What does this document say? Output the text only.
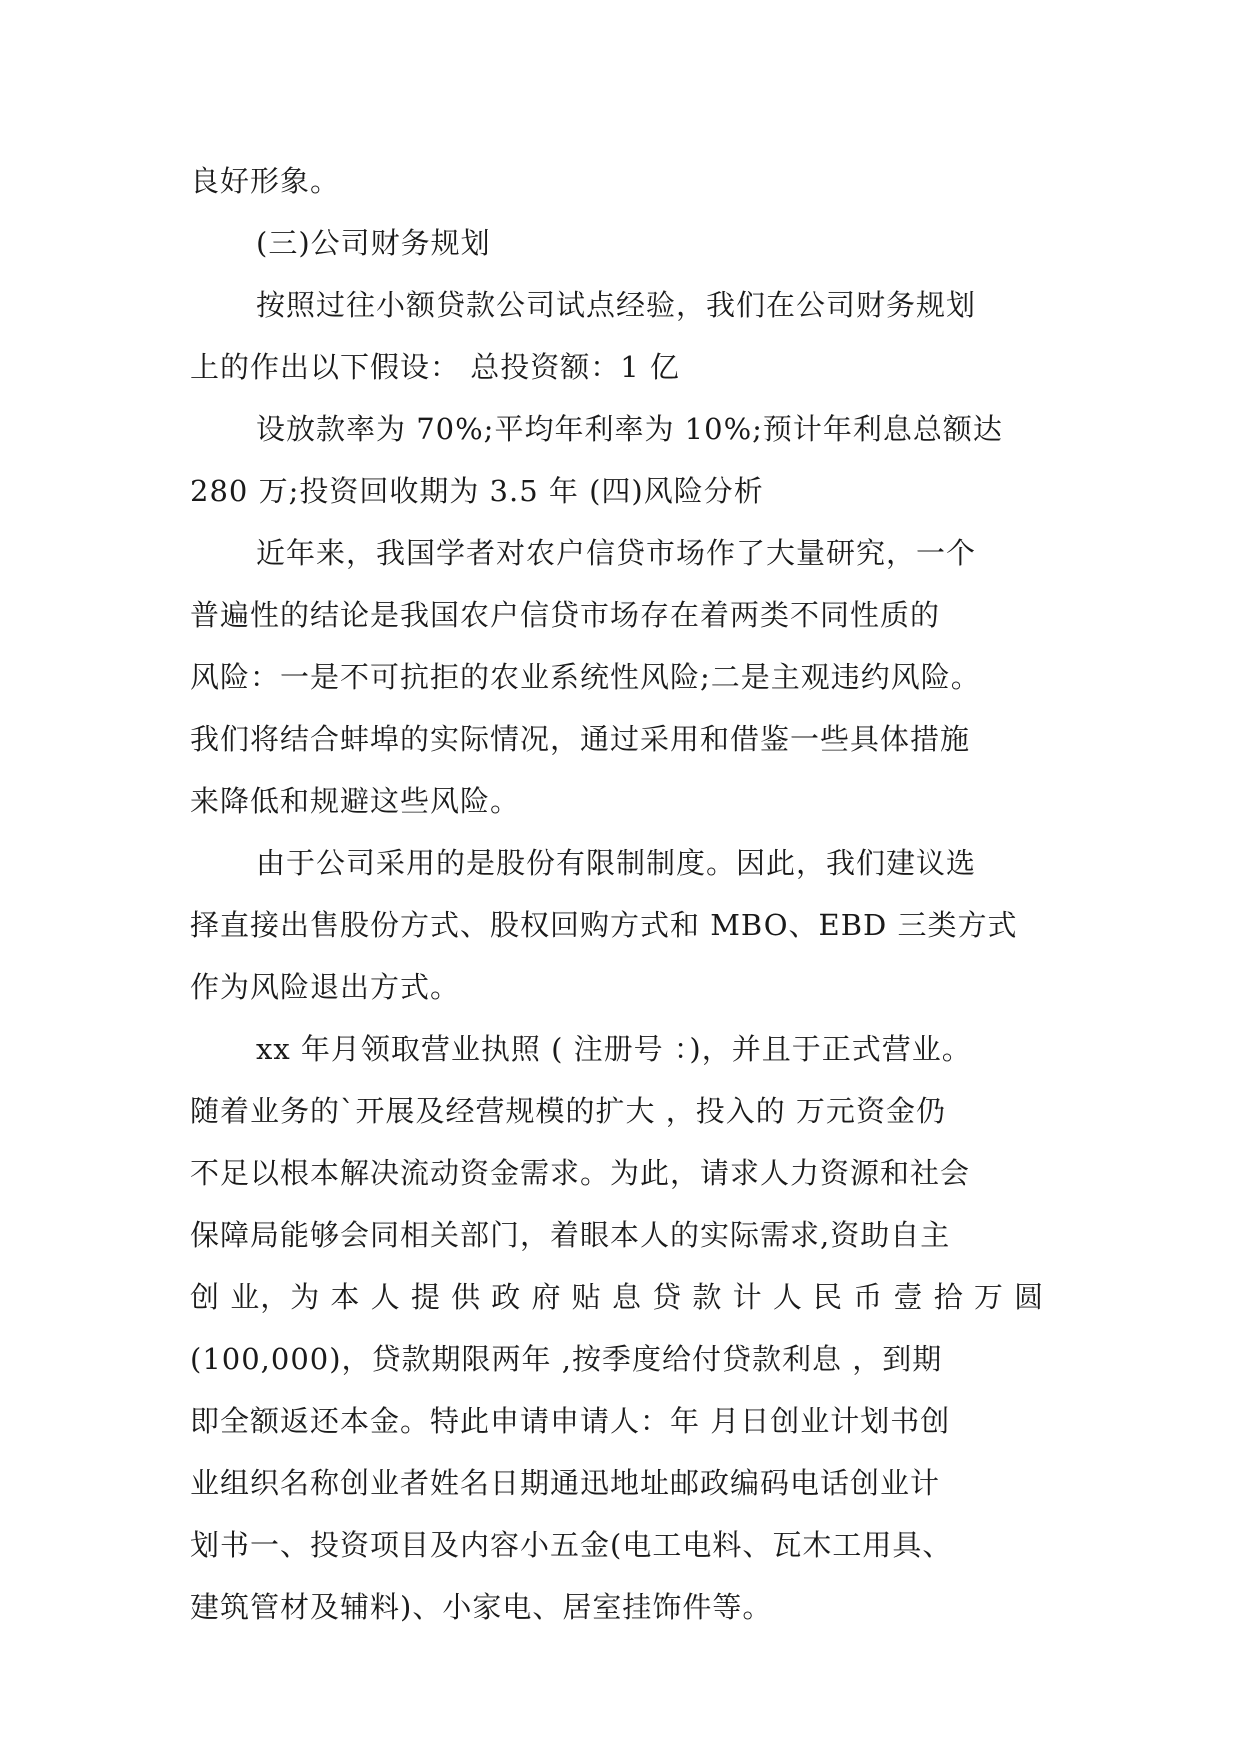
良好形象。
(三)公司财务规划
按照过往小额贷款公司试点经验，我们在公司财务规划
上的作出以下假设： 总投资额：1 亿
设放款率为 70%;平均年利率为 10%;预计年利息总额达
280 万;投资回收期为 3.5 年 (四)风险分析
近年来，我国学者对农户信贷市场作了大量研究，一个
普遍性的结论是我国农户信贷市场存在着两类不同性质的
风险：一是不可抗拒的农业系统性风险;二是主观违约风险。
我们将结合蚌埠的实际情况，通过采用和借鉴一些具体措施
来降低和规避这些风险。
由于公司采用的是股份有限制制度。因此，我们建议选
择直接出售股份方式、股权回购方式和 MBO、EBD 三类方式
作为风险退出方式。
xx 年月领取营业执照 ( 注册号 ：)，并且于正式营业。
随着业务的`开展及经营规模的扩大 ，投入的 万元资金仍
不足以根本解决流动资金需求。为此，请求人力资源和社会
保障局能够会同相关部门，着眼本人的实际需求,资助自主
创 业，为 本 人 提 供 政 府 贴 息 贷 款 计 人 民 币 壹 拾 万 圆
(100,000)，贷款期限两年 ,按季度给付贷款利息 ，到期
即全额返还本金。特此申请申请人：年 月日创业计划书创
业组织名称创业者姓名日期通迅地址邮政编码电话创业计
划书一、投资项目及内容小五金(电工电料、瓦木工用具、
建筑管材及辅料)、小家电、居室挂饰件等。
